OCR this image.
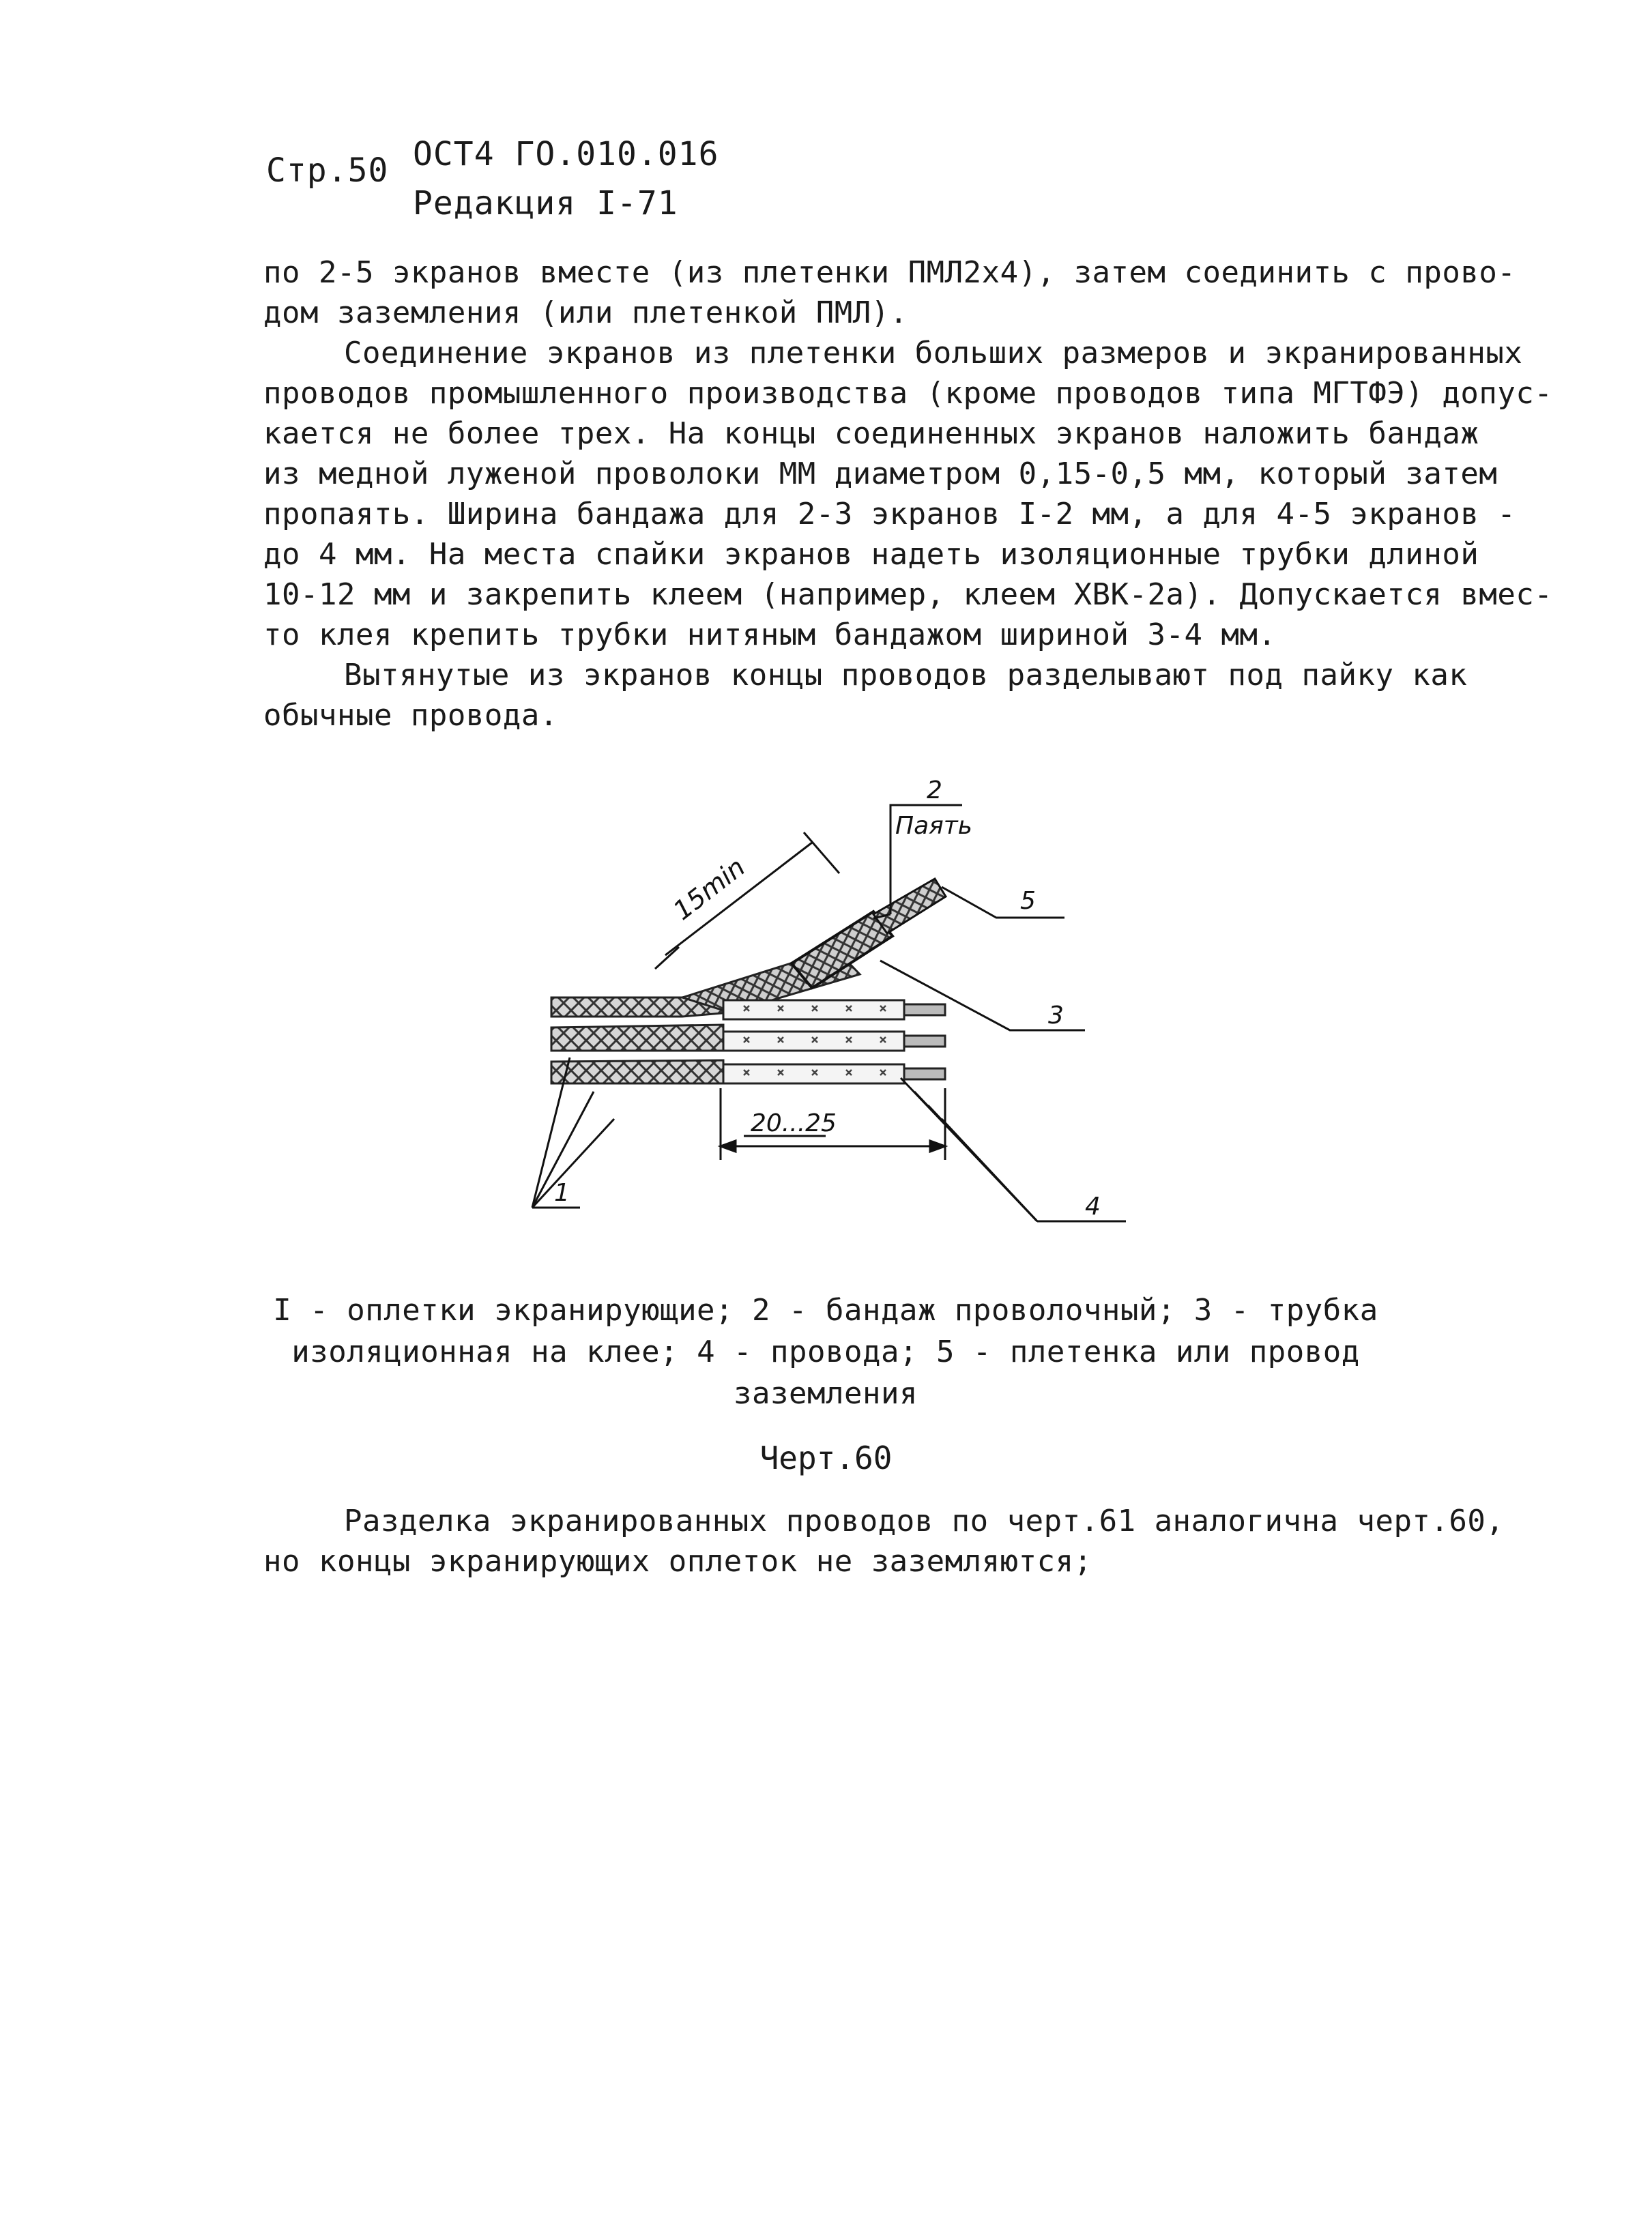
Стр.50 ОСТ4 ГО.010.016
Редакция I-71
по 2-5 экранов вместе (из плетенки ПМЛ2х4), затем соединить с прово-
дом заземления (или плетенкой ПМЛ).
Соединение экранов из плетенки больших размеров и экранированных
проводов промышленного производства (кроме проводов типа МГТФЭ) допус-
кается не более трех. На концы соединенных экранов наложить бандаж
из медной луженой проволоки ММ диаметром 0,15-0,5 мм, который затем
пропаять. Ширина бандажа для 2-3 экранов I-2 мм, а для 4-5 экранов -
до 4 мм. На места спайки экранов надеть изоляционные трубки длиной
10-12 мм и закрепить клеем (например, клеем ХВК-2а). Допускается вмес-
то клея крепить трубки нитяным бандажом шириной 3-4 мм.
Вытянутые из экранов концы проводов разделывают под пайку как
обычные провода.
15min
2
Паять
5
3
20...25
1	4
I - оплетки экранирующие; 2 - бандаж проволочный; 3 - трубка
изоляционная на клее; 4 - провода; 5 - плетенка или провод
заземления
Черт.60
Разделка экранированных проводов по черт.61 аналогична черт.60,
но концы экранирующих оплеток не заземляются;
